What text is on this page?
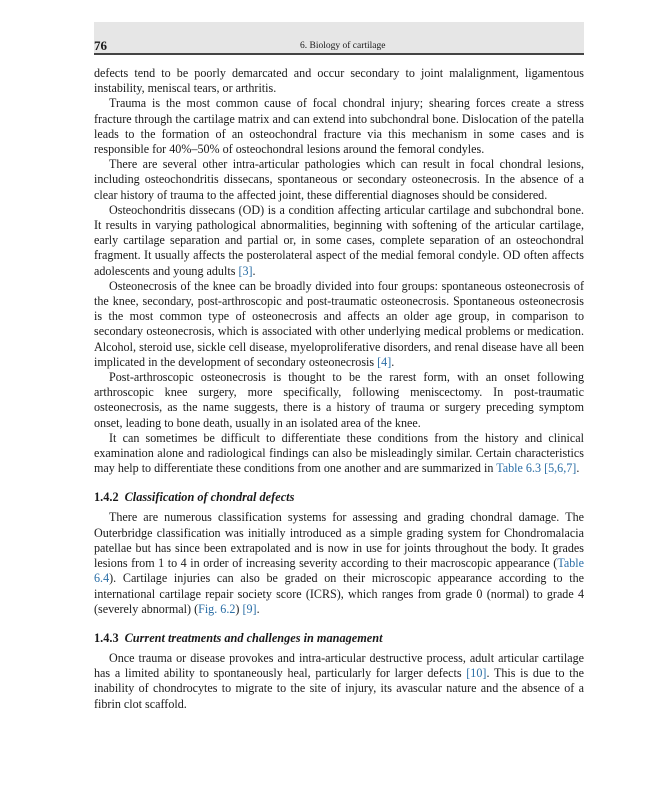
76	6. Biology of cartilage

defects tend to be poorly demarcated and occur secondary to joint malalignment, ligamentous instability, meniscal tears, or arthritis.

Trauma is the most common cause of focal chondral injury; shearing forces create a stress fracture through the cartilage matrix and can extend into subchondral bone. Dislocation of the patella leads to the formation of an osteochondral fracture via this mechanism in some cases and is responsible for 40%–50% of osteochondral lesions around the femoral condyles.

There are several other intra-articular pathologies which can result in focal chondral lesions, including osteochondritis dissecans, spontaneous or secondary osteonecrosis. In the absence of a clear history of trauma to the affected joint, these differential diagnoses should be considered.

Osteochondritis dissecans (OD) is a condition affecting articular cartilage and subchondral bone. It results in varying pathological abnormalities, beginning with softening of the articular cartilage, early cartilage separation and partial or, in some cases, complete separation of an osteochondral fragment. It usually affects the posterolateral aspect of the medial femoral condyle. OD often affects adolescents and young adults [3].

Osteonecrosis of the knee can be broadly divided into four groups: spontaneous osteonecrosis of the knee, secondary, post-arthroscopic and post-traumatic osteonecrosis. Spontaneous osteonecrosis is the most common type of osteonecrosis and affects an older age group, in comparison to secondary osteonecrosis, which is associated with other underlying medical problems or medication. Alcohol, steroid use, sickle cell disease, myeloproliferative disorders, and renal disease have all been implicated in the development of secondary osteonecrosis [4].

Post-arthroscopic osteonecrosis is thought to be the rarest form, with an onset following arthroscopic knee surgery, more specifically, following meniscectomy. In post-traumatic osteonecrosis, as the name suggests, there is a history of trauma or surgery preceding symptom onset, leading to bone death, usually in an isolated area of the knee.

It can sometimes be difficult to differentiate these conditions from the history and clinical examination alone and radiological findings can also be misleadingly similar. Certain characteristics may help to differentiate these conditions from one another and are summarized in Table 6.3 [5,6,7].

1.4.2 Classification of chondral defects

There are numerous classification systems for assessing and grading chondral damage. The Outerbridge classification was initially introduced as a simple grading system for Chondromalacia patellae but has since been extrapolated and is now in use for joints throughout the body. It grades lesions from 1 to 4 in order of increasing severity according to their macroscopic appearance (Table 6.4). Cartilage injuries can also be graded on their microscopic appearance according to the international cartilage repair society score (ICRS), which ranges from grade 0 (normal) to grade 4 (severely abnormal) (Fig. 6.2) [9].

1.4.3 Current treatments and challenges in management

Once trauma or disease provokes and intra-articular destructive process, adult articular cartilage has a limited ability to spontaneously heal, particularly for larger defects [10]. This is due to the inability of chondrocytes to migrate to the site of injury, its avascular nature and the absence of a fibrin clot scaffold.
